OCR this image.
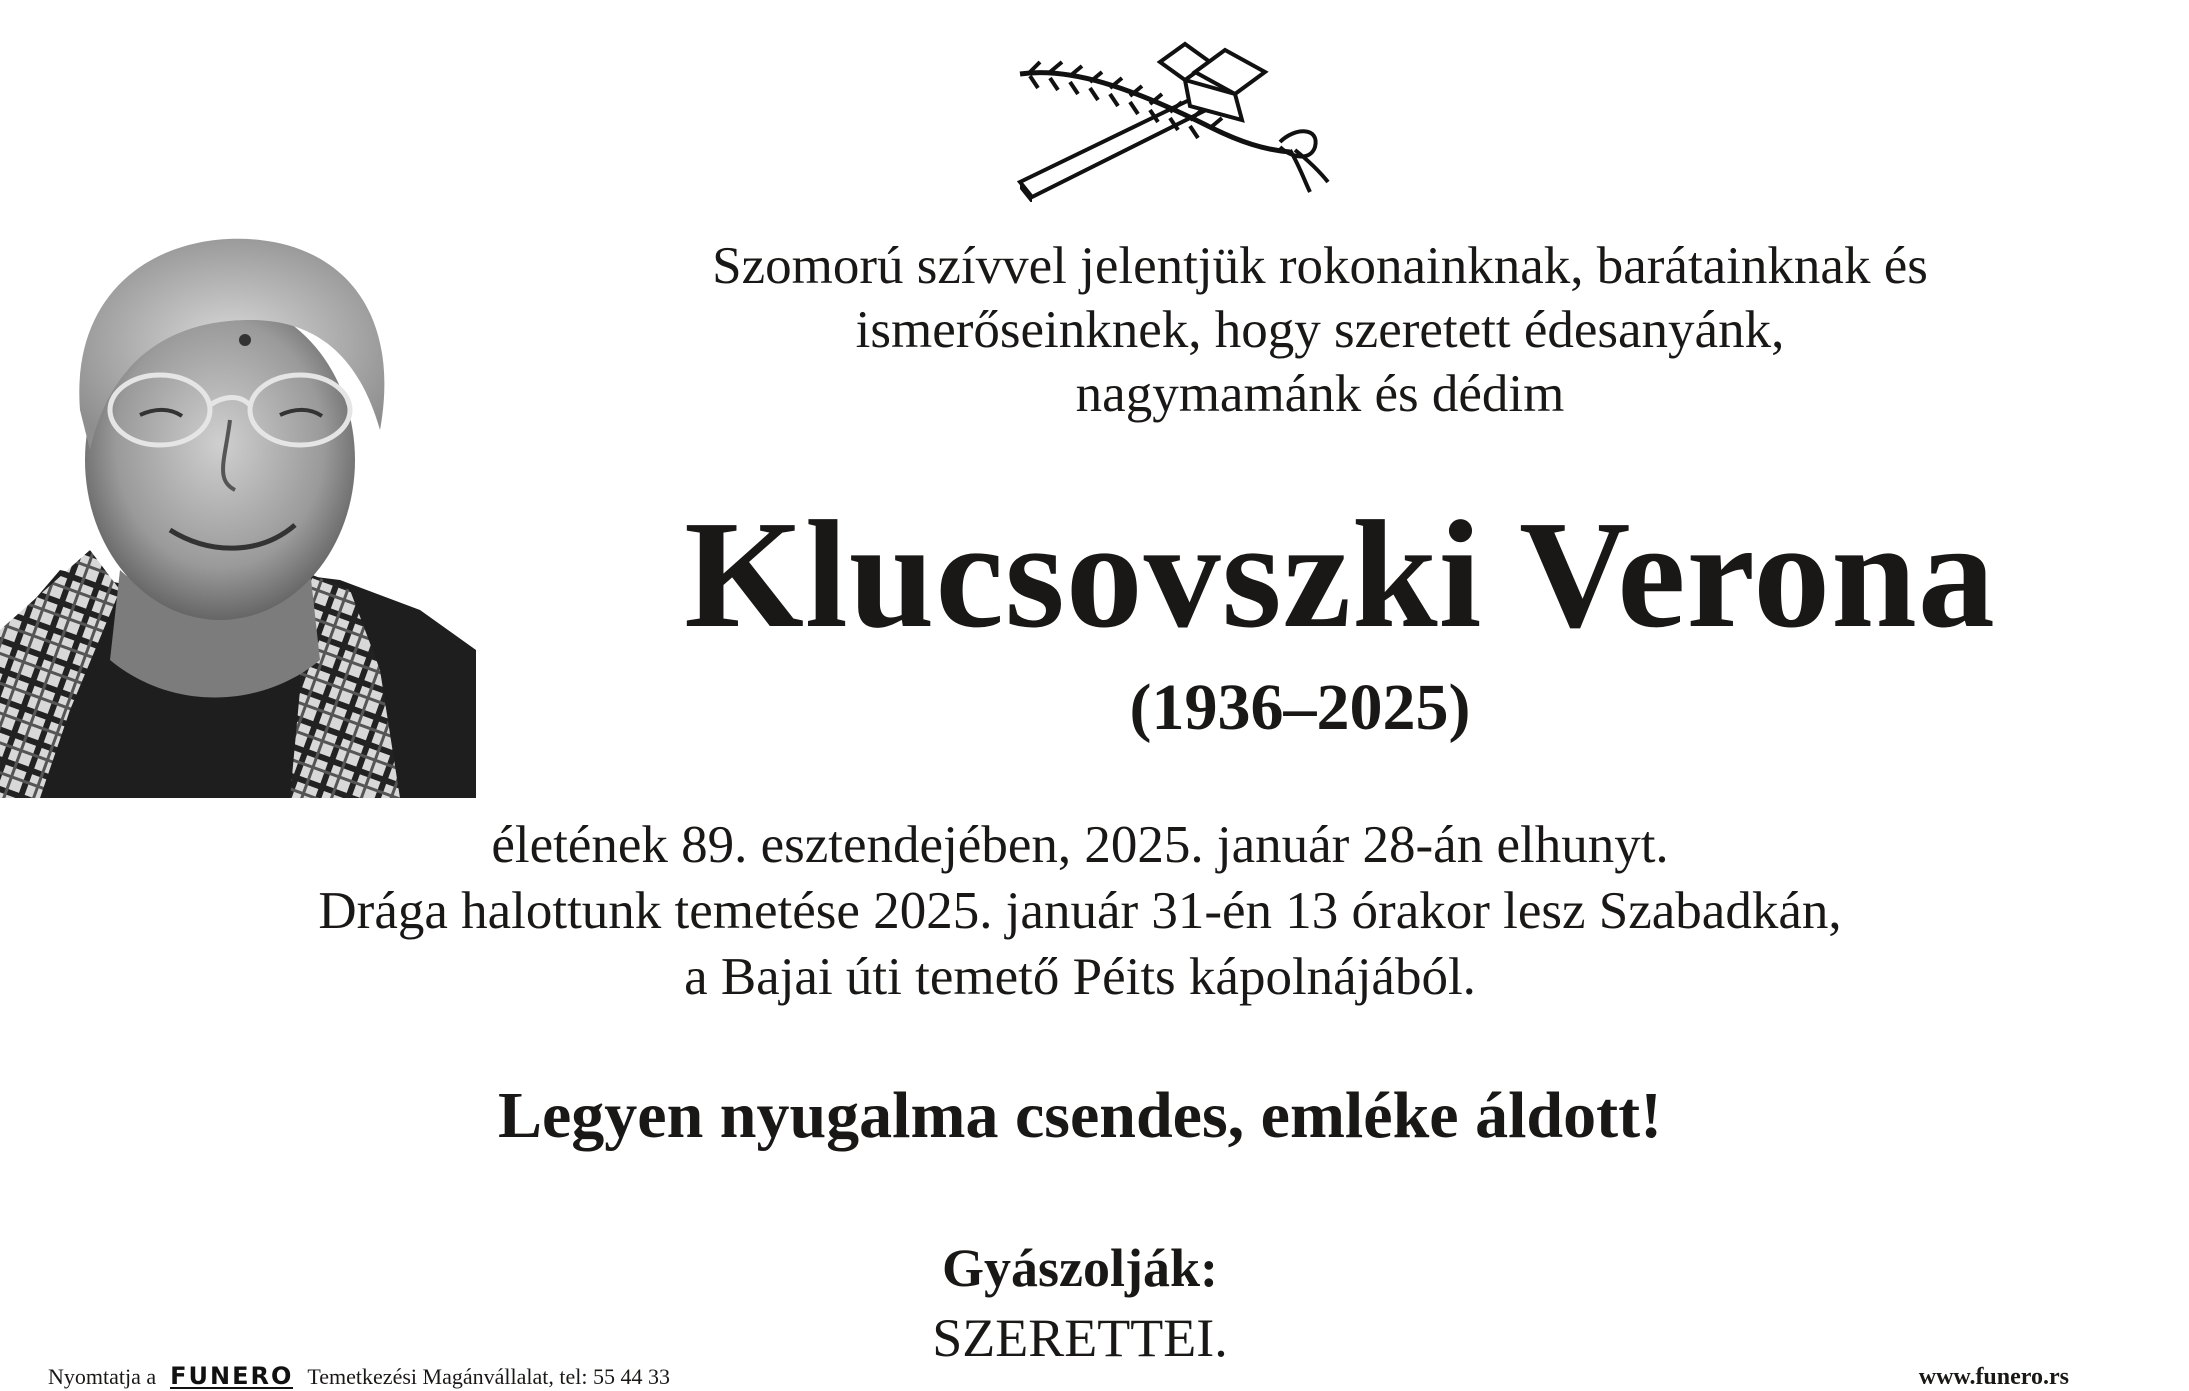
Szomorú szívvel jelentjük rokonainknak, barátainknak és
ismerőseinknek, hogy szeretett édesanyánk,
nagymamánk és dédim
Klucsovszki Verona
(1936–2025)
életének 89. esztendejében, 2025. január 28-án elhunyt.
Drága halottunk temetése 2025. január 31-én 13 órakor lesz Szabadkán,
a Bajai úti temető Péits kápolnájából.
Legyen nyugalma csendes, emléke áldott!
Gyászolják:
SZERETTEI.
Nyomtatja a FUNERO Temetkezési Magánvállalat, tel: 55 44 33	www.funero.rs
